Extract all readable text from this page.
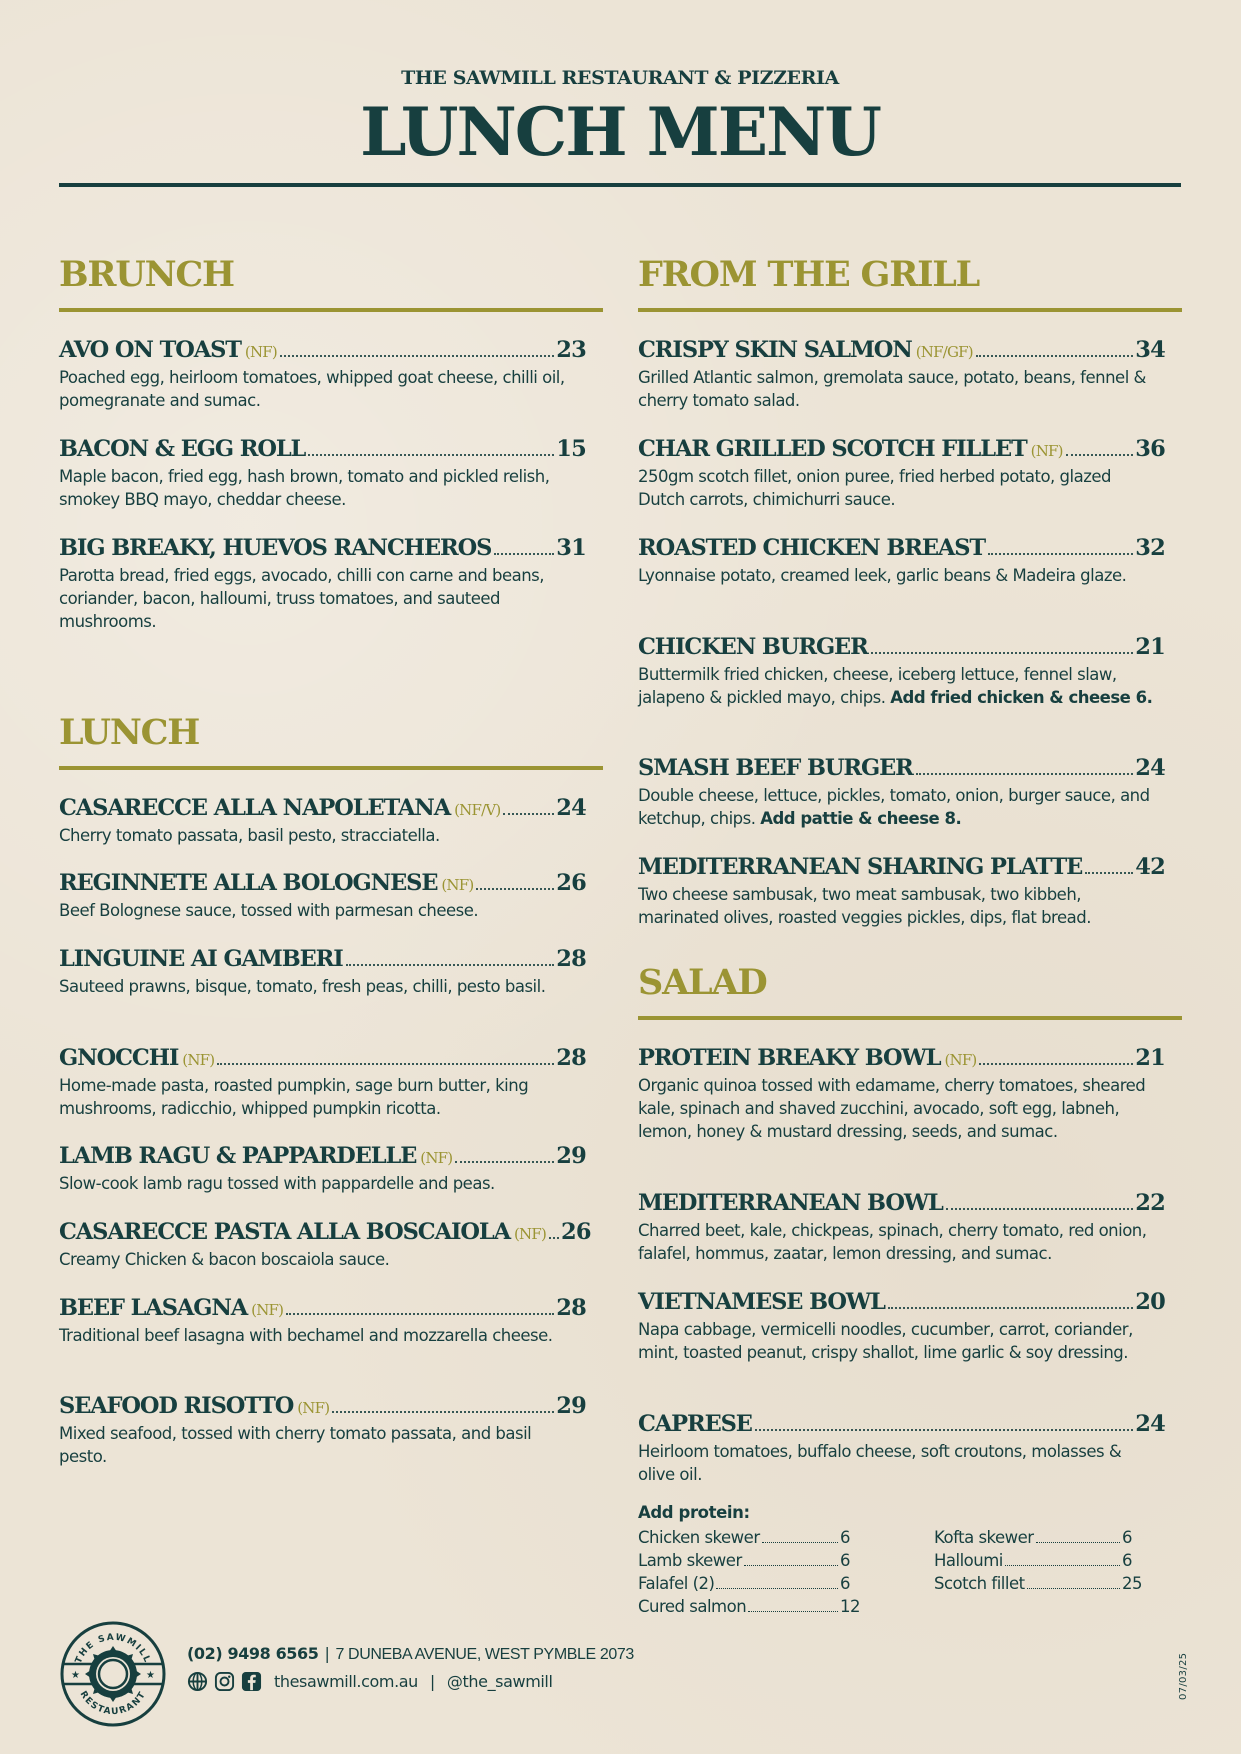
THE SAWMILL RESTAURANT & PIZZERIA

LUNCH MENU
BRUNCH
AVO ON TOAST (NF)	23
Poached egg, heirloom tomatoes, whipped goat cheese, chilli oil, pomegranate and sumac.
BACON & EGG ROLL	15
Maple bacon, fried egg, hash brown, tomato and pickled relish, smokey BBQ mayo, cheddar cheese.
BIG BREAKY, HUEVOS RANCHEROS	31
Parotta bread, fried eggs, avocado, chilli con carne and beans, coriander, bacon, halloumi, truss tomatoes, and sauteed mushrooms.
LUNCH
CASARECCE ALLA NAPOLETANA (NF/V) 24
Cherry tomato passata, basil pesto, stracciatella.
REGINNETE ALLA BOLOGNESE (NF)	26
Beef Bolognese sauce, tossed with parmesan cheese.
LINGUINE AI GAMBERI	28
Sauteed prawns, bisque, tomato, fresh peas, chilli, pesto basil.
GNOCCHI (NF)	28
Home-made pasta, roasted pumpkin, sage burn butter, king mushrooms, radicchio, whipped pumpkin ricotta.
LAMB RAGU & PAPPARDELLE (NF)	29
Slow-cook lamb ragu tossed with pappardelle and peas.
CASARECCE PASTA ALLA BOSCAIOLA (NF) 26
Creamy Chicken & bacon boscaiola sauce.
BEEF LASAGNA (NF)	28
Traditional beef lasagna with bechamel and mozzarella cheese.
SEAFOOD RISOTTO (NF)	29
Mixed seafood, tossed with cherry tomato passata, and basil pesto.
FROM THE GRILL
CRISPY SKIN SALMON (NF/GF)	34
Grilled Atlantic salmon, gremolata sauce, potato, beans, fennel & cherry tomato salad.
CHAR GRILLED SCOTCH FILLET (NF)	36
250gm scotch fillet, onion puree, fried herbed potato, glazed Dutch carrots, chimichurri sauce.
ROASTED CHICKEN BREAST	32
Lyonnaise potato, creamed leek, garlic beans & Madeira glaze.
CHICKEN BURGER	21
Buttermilk fried chicken, cheese, iceberg lettuce, fennel slaw, jalapeno & pickled mayo, chips. Add fried chicken & cheese 6.
SMASH BEEF BURGER	24
Double cheese, lettuce, pickles, tomato, onion, burger sauce, and ketchup, chips. Add pattie & cheese 8.
MEDITERRANEAN SHARING PLATTE 42
Two cheese sambusak, two meat sambusak, two kibbeh, marinated olives, roasted veggies pickles, dips, flat bread.
SALAD
PROTEIN BREAKY BOWL (NF)	21
Organic quinoa tossed with edamame, cherry tomatoes, sheared kale, spinach and shaved zucchini, avocado, soft egg, labneh, lemon, honey & mustard dressing, seeds, and sumac.
MEDITERRANEAN BOWL	22
Charred beet, kale, chickpeas, spinach, cherry tomato, red onion, falafel, hommus, zaatar, lemon dressing, and sumac.
VIETNAMESE BOWL	20
Napa cabbage, vermicelli noodles, cucumber, carrot, coriander, mint, toasted peanut, crispy shallot, lime garlic & soy dressing.
CAPRESE	24
Heirloom tomatoes, buffalo cheese, soft croutons, molasses & olive oil.
Add protein:
Chicken skewer	6
Lamb skewer	6
Falafel (2)	6
Cured salmon	12
Kofta skewer	6
Halloumi	6
Scotch fillet	25
THE SAWMILL
RESTAURANT
★	★
(02) 9498 6565 | 7 DUNEBA AVENUE, WEST PYMBLE 2073
thesawmill.com.au | @the_sawmill	07/03/25
